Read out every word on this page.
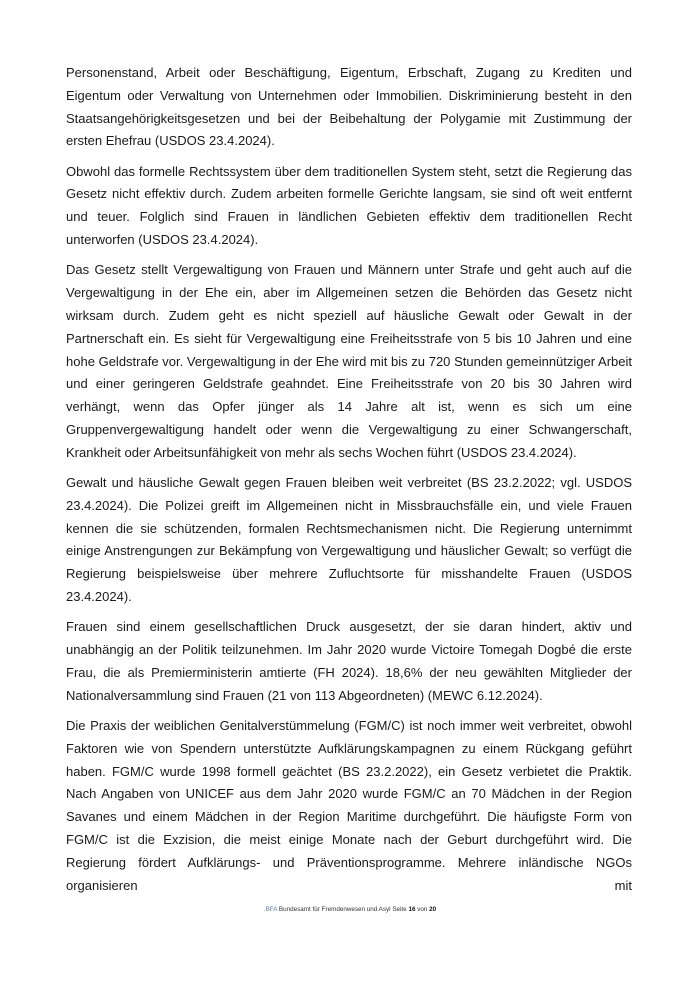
Personenstand, Arbeit oder Beschäftigung, Eigentum, Erbschaft, Zugang zu Krediten und Eigentum oder Verwaltung von Unternehmen oder Immobilien. Diskriminierung besteht in den Staatsangehörigkeitsgesetzen und bei der Beibehaltung der Polygamie mit Zustimmung der ersten Ehefrau (USDOS 23.4.2024).

Obwohl das formelle Rechtssystem über dem traditionellen System steht, setzt die Regierung das Gesetz nicht effektiv durch. Zudem arbeiten formelle Gerichte langsam, sie sind oft weit entfernt und teuer. Folglich sind Frauen in ländlichen Gebieten effektiv dem traditionellen Recht unterworfen (USDOS 23.4.2024).

Das Gesetz stellt Vergewaltigung von Frauen und Männern unter Strafe und geht auch auf die Vergewaltigung in der Ehe ein, aber im Allgemeinen setzen die Behörden das Gesetz nicht wirksam durch. Zudem geht es nicht speziell auf häusliche Gewalt oder Gewalt in der Partnerschaft ein. Es sieht für Vergewaltigung eine Freiheitsstrafe von 5 bis 10 Jahren und eine hohe Geldstrafe vor. Vergewaltigung in der Ehe wird mit bis zu 720 Stunden gemeinnütziger Arbeit und einer geringeren Geldstrafe geahndet. Eine Freiheitsstrafe von 20 bis 30 Jahren wird verhängt, wenn das Opfer jünger als 14 Jahre alt ist, wenn es sich um eine Gruppenvergewaltigung handelt oder wenn die Vergewaltigung zu einer Schwangerschaft, Krankheit oder Arbeitsunfähigkeit von mehr als sechs Wochen führt (USDOS 23.4.2024).

Gewalt und häusliche Gewalt gegen Frauen bleiben weit verbreitet (BS 23.2.2022; vgl. USDOS 23.4.2024). Die Polizei greift im Allgemeinen nicht in Missbrauchsfälle ein, und viele Frauen kennen die sie schützenden, formalen Rechtsmechanismen nicht. Die Regierung unternimmt einige Anstrengungen zur Bekämpfung von Vergewaltigung und häuslicher Gewalt; so verfügt die Regierung beispielsweise über mehrere Zufluchtsorte für misshandelte Frauen (USDOS 23.4.2024).

Frauen sind einem gesellschaftlichen Druck ausgesetzt, der sie daran hindert, aktiv und unabhängig an der Politik teilzunehmen. Im Jahr 2020 wurde Victoire Tomegah Dogbé die erste Frau, die als Premierministerin amtierte (FH 2024). 18,6% der neu gewählten Mitglieder der Nationalversammlung sind Frauen (21 von 113 Abgeordneten) (MEWC 6.12.2024).

Die Praxis der weiblichen Genitalverstümmelung (FGM/C) ist noch immer weit verbreitet, obwohl Faktoren wie von Spendern unterstützte Aufklärungskampagnen zu einem Rückgang geführt haben. FGM/C wurde 1998 formell geächtet (BS 23.2.2022), ein Gesetz verbietet die Praktik. Nach Angaben von UNICEF aus dem Jahr 2020 wurde FGM/C an 70 Mädchen in der Region Savanes und einem Mädchen in der Region Maritime durchgeführt. Die häufigste Form von FGM/C ist die Exzision, die meist einige Monate nach der Geburt durchgeführt wird. Die Regierung fördert Aufklärungs- und Präventionsprogramme. Mehrere inländische NGOs organisieren mit

.BFA Bundesamt für Fremdenwesen und Asyl Seite 16 von 20
